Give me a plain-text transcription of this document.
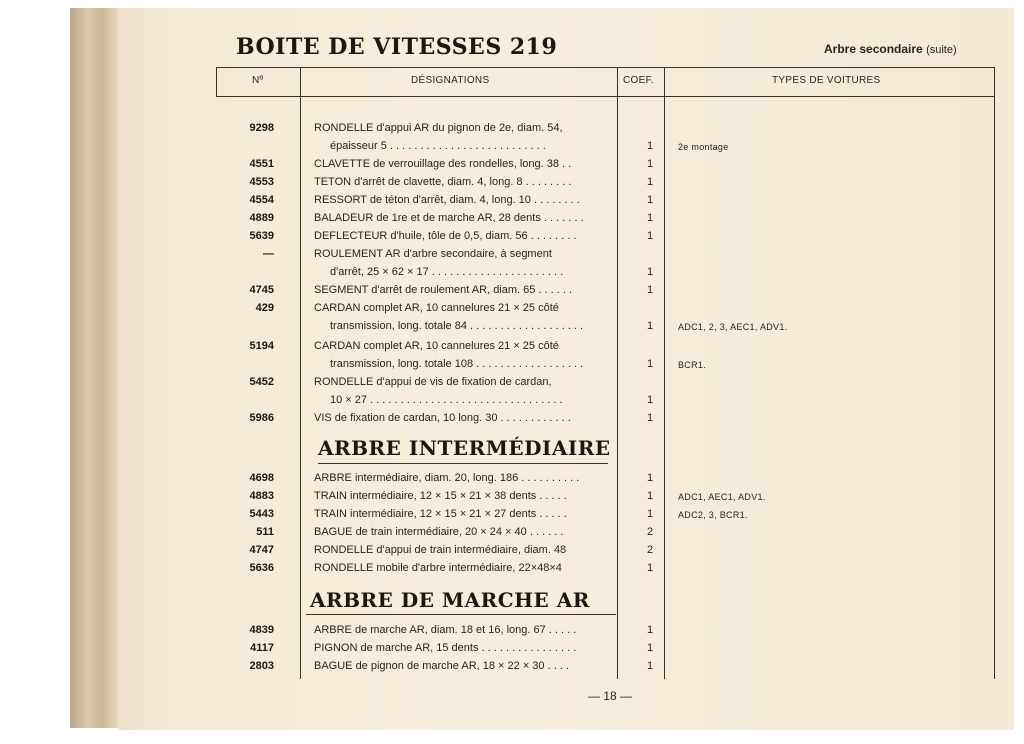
BOITE DE VITESSES 219	Arbre secondaire (suite)
Nº	DÉSIGNATIONS	COEF.	TYPES DE VOITURES
9298	RONDELLE d'appui AR du pignon de 2e, diam. 54,
épaisseur 5 . . . . . . . . . . . . . . . . . . . . . . . . . .	1	2e montage
4551	CLAVETTE de verrouillage des rondelles, long. 38 . .	1
4553	TETON d'arrêt de clavette, diam. 4, long. 8 . . . . . . . .	1
4554	RESSORT de téton d'arrêt, diam. 4, long. 10 . . . . . . . .	1
4889	BALADEUR de 1re et de marche AR, 28 dents . . . . . . .	1
5639	DEFLECTEUR d'huile, tôle de 0,5, diam. 56 . . . . . . . .	1
—	ROULEMENT AR d'arbre secondaire, à segment
d'arrêt, 25 × 62 × 17 . . . . . . . . . . . . . . . . . . . . . .	1
4745	SEGMENT d'arrêt de roulement AR, diam. 65 . . . . . .	1
429	CARDAN complet AR, 10 cannelures 21 × 25 côté
transmission, long. totale 84 . . . . . . . . . . . . . . . . . . .	1	ADC1, 2, 3, AEC1, ADV1.
5194	CARDAN complet AR, 10 cannelures 21 × 25 côté
transmission, long. totale 108 . . . . . . . . . . . . . . . . . .	1	BCR1.
5452	RONDELLE d'appui de vis de fixation de cardan,
10 × 27 . . . . . . . . . . . . . . . . . . . . . . . . . . . . . . . .	1
5986	VIS de fixation de cardan, 10 long. 30 . . . . . . . . . . . .	1
ARBRE INTERMÉDIAIRE
4698	ARBRE intermédiaire, diam. 20, long. 186 . . . . . . . . . .	1
4883	TRAIN intermédiaire, 12 × 15 × 21 × 38 dents . . . . .	1	ADC1, AEC1, ADV1.
5443	TRAIN intermédiaire, 12 × 15 × 21 × 27 dents . . . . .	1	ADC2, 3, BCR1.
511	BAGUE de train intermédiaire, 20 × 24 × 40 . . . . . .	2
4747	RONDELLE d'appui de train intermédiaire, diam. 48	2
5636	RONDELLE mobile d'arbre intermédiaire, 22×48×4	1
ARBRE DE MARCHE AR
4839	ARBRE de marche AR, diam. 18 et 16, long. 67 . . . . .	1
4117	PIGNON de marche AR, 15 dents . . . . . . . . . . . . . . . .	1
2803	BAGUE de pignon de marche AR, 18 × 22 × 30 . . . .	1
— 18 —
